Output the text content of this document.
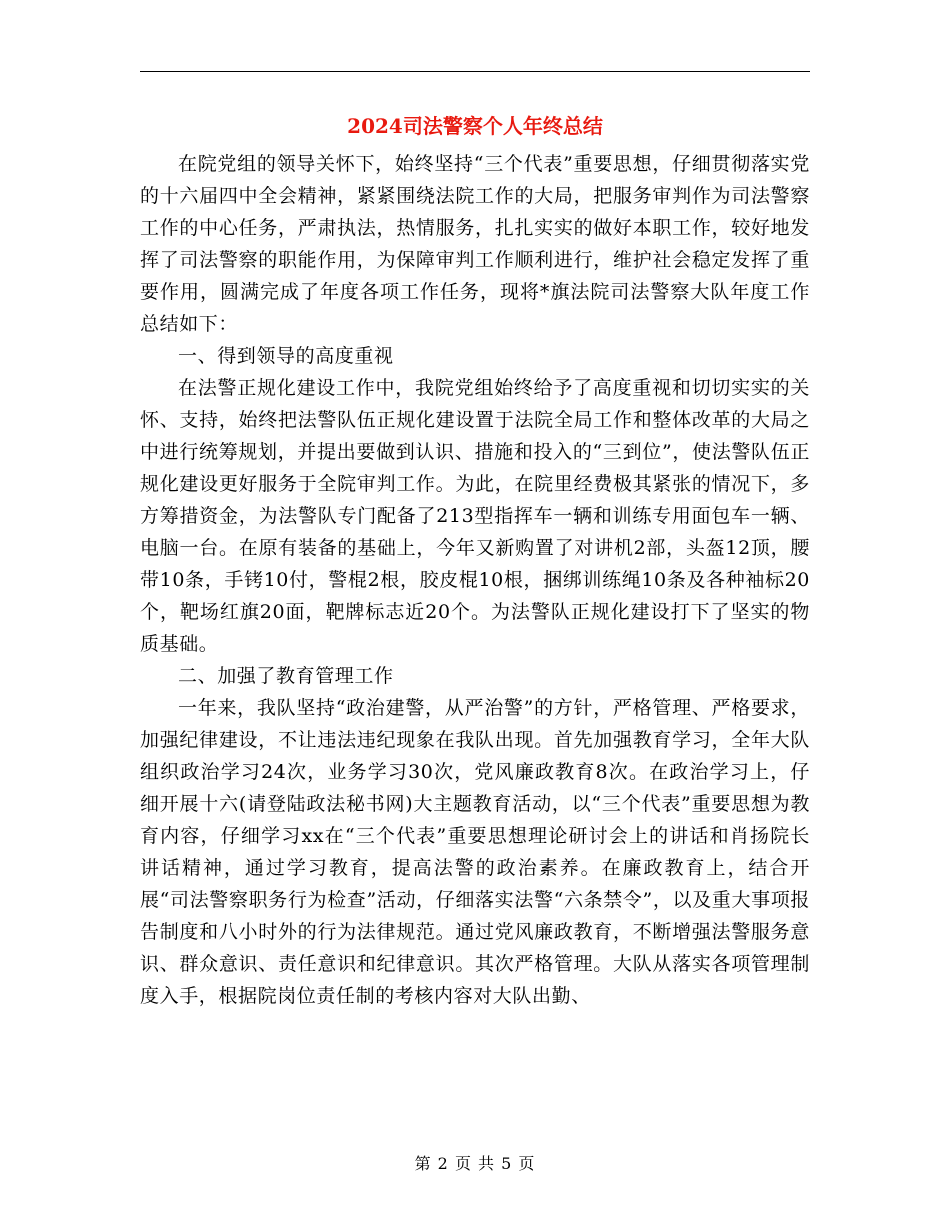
2024司法警察个人年终总结

在院党组的领导关怀下，始终坚持“三个代表”重要思想，仔细贯彻落实党的十六届四中全会精神，紧紧围绕法院工作的大局，把服务审判作为司法警察工作的中心任务，严肃执法，热情服务，扎扎实实的做好本职工作，较好地发挥了司法警察的职能作用，为保障审判工作顺利进行，维护社会稳定发挥了重要作用，圆满完成了年度各项工作任务，现将*旗法院司法警察大队年度工作总结如下：

一、得到领导的高度重视

在法警正规化建设工作中，我院党组始终给予了高度重视和切切实实的关怀、支持，始终把法警队伍正规化建设置于法院全局工作和整体改革的大局之中进行统筹规划，并提出要做到认识、措施和投入的“三到位”，使法警队伍正规化建设更好服务于全院审判工作。为此，在院里经费极其紧张的情况下，多方筹措资金，为法警队专门配备了213型指挥车一辆和训练专用面包车一辆、电脑一台。在原有装备的基础上，今年又新购置了对讲机2部，头盔12顶，腰带10条，手铐10付，警棍2根，胶皮棍10根，捆绑训练绳10条及各种袖标20个，靶场红旗20面，靶牌标志近20个。为法警队正规化建设打下了坚实的物质基础。

二、加强了教育管理工作

一年来，我队坚持“政治建警，从严治警”的方针，严格管理、严格要求，加强纪律建设，不让违法违纪现象在我队出现。首先加强教育学习，全年大队组织政治学习24次，业务学习30次，党风廉政教育8次。在政治学习上，仔细开展十六(请登陆政法秘书网)大主题教育活动，以“三个代表”重要思想为教育内容，仔细学习xx在“三个代表”重要思想理论研讨会上的讲话和肖扬院长讲话精神，通过学习教育，提高法警的政治素养。在廉政教育上，结合开展“司法警察职务行为检查”活动，仔细落实法警“六条禁令”，以及重大事项报告制度和八小时外的行为法律规范。通过党风廉政教育，不断增强法警服务意识、群众意识、责任意识和纪律意识。其次严格管理。大队从落实各项管理制度入手，根据院岗位责任制的考核内容对大队出勤、

第 2 页 共 5 页
